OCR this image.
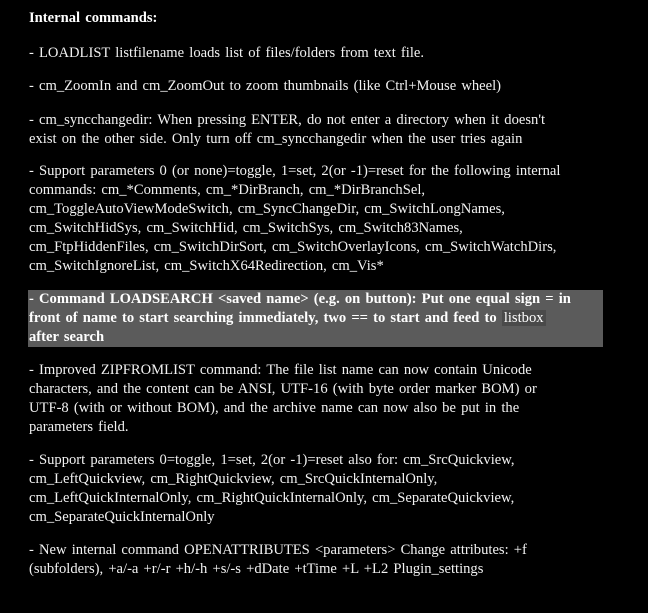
Internal commands:
- LOADLIST listfilename loads list of files/folders from text file.
- cm_ZoomIn and cm_ZoomOut to zoom thumbnails (like Ctrl+Mouse wheel)
- cm_syncchangedir: When pressing ENTER, do not enter a directory when it doesn't
exist on the other side. Only turn off cm_syncchangedir when the user tries again
- Support parameters 0 (or none)=toggle, 1=set, 2(or -1)=reset for the following internal
commands: cm_*Comments, cm_*DirBranch, cm_*DirBranchSel,
cm_ToggleAutoViewModeSwitch, cm_SyncChangeDir, cm_SwitchLongNames,
cm_SwitchHidSys, cm_SwitchHid, cm_SwitchSys, cm_Switch83Names,
cm_FtpHiddenFiles, cm_SwitchDirSort, cm_SwitchOverlayIcons, cm_SwitchWatchDirs,
cm_SwitchIgnoreList, cm_SwitchX64Redirection, cm_Vis*
- Command LOADSEARCH <saved name> (e.g. on button): Put one equal sign = in
front of name to start searching immediately, two == to start and feed to listbox
after search
- Improved ZIPFROMLIST command: The file list name can now contain Unicode
characters, and the content can be ANSI, UTF-16 (with byte order marker BOM) or
UTF-8 (with or without BOM), and the archive name can now also be put in the
parameters field.
- Support parameters 0=toggle, 1=set, 2(or -1)=reset also for: cm_SrcQuickview,
cm_LeftQuickview, cm_RightQuickview, cm_SrcQuickInternalOnly,
cm_LeftQuickInternalOnly, cm_RightQuickInternalOnly, cm_SeparateQuickview,
cm_SeparateQuickInternalOnly
- New internal command OPENATTRIBUTES <parameters> Change attributes: +f
(subfolders), +a/-a +r/-r +h/-h +s/-s +dDate +tTime +L +L2 Plugin_settings
